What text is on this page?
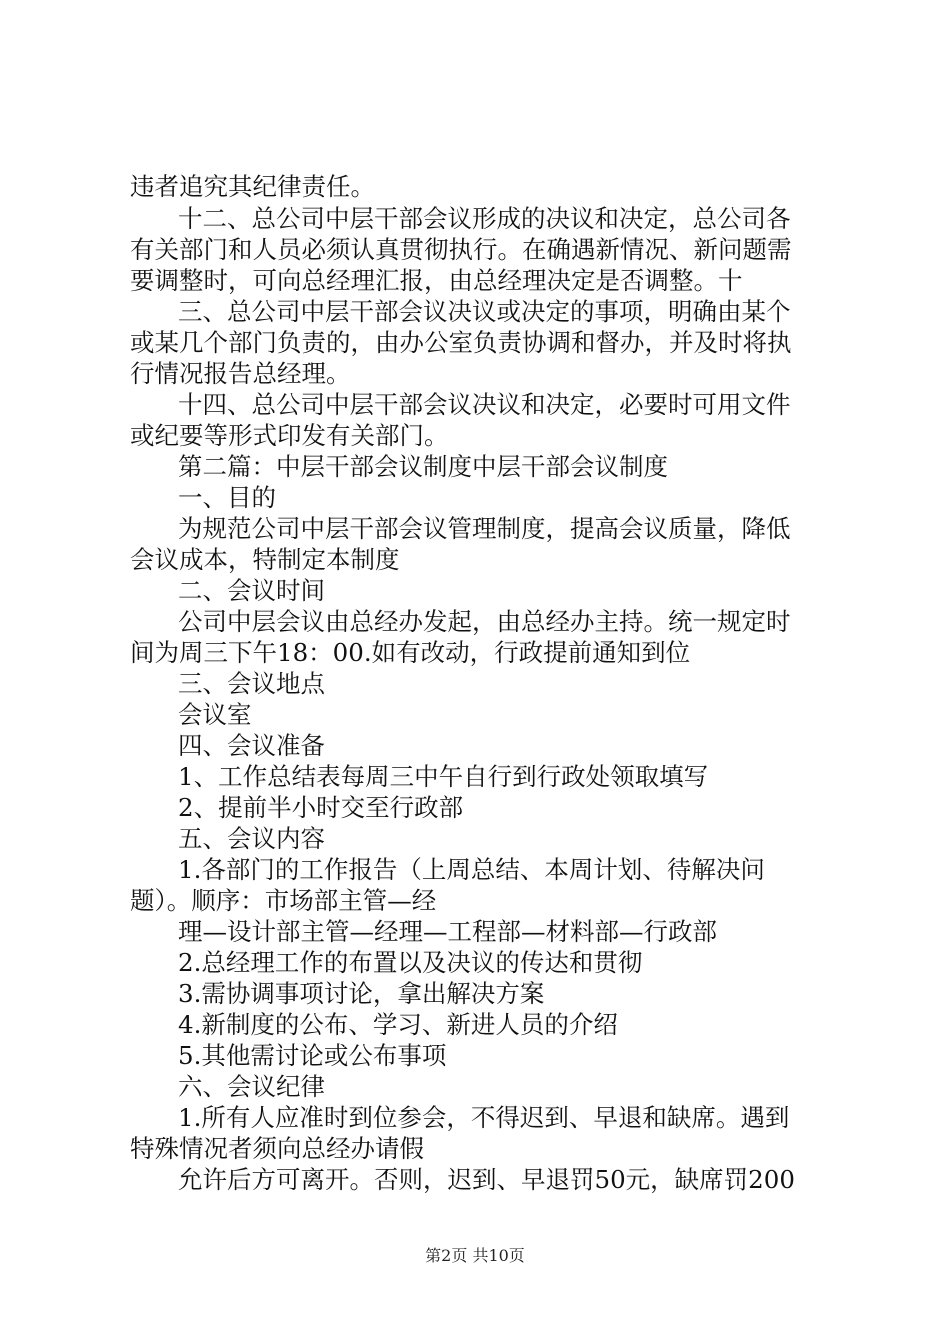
违者追究其纪律责任。
十二、总公司中层干部会议形成的决议和决定，总公司各
有关部门和人员必须认真贯彻执行。在确遇新情况、新问题需
要调整时，可向总经理汇报，由总经理决定是否调整。十
三、总公司中层干部会议决议或决定的事项，明确由某个
或某几个部门负责的，由办公室负责协调和督办，并及时将执
行情况报告总经理。
十四、总公司中层干部会议决议和决定，必要时可用文件
或纪要等形式印发有关部门。
第二篇：中层干部会议制度中层干部会议制度
一、目的
为规范公司中层干部会议管理制度，提高会议质量，降低
会议成本，特制定本制度
二、会议时间
公司中层会议由总经办发起，由总经办主持。统一规定时
间为周三下午18：00.如有改动，行政提前通知到位
三、会议地点
会议室
四、会议准备
1、工作总结表每周三中午自行到行政处领取填写
2、提前半小时交至行政部
五、会议内容
1.各部门的工作报告（上周总结、本周计划、待解决问
题）。顺序：市场部主管—经
理—设计部主管—经理—工程部—材料部—行政部
2.总经理工作的布置以及决议的传达和贯彻
3.需协调事项讨论，拿出解决方案
4.新制度的公布、学习、新进人员的介绍
5.其他需讨论或公布事项
六、会议纪律
1.所有人应准时到位参会，不得迟到、早退和缺席。遇到
特殊情况者须向总经办请假
允许后方可离开。否则，迟到、早退罚50元，缺席罚200
第2页 共10页
